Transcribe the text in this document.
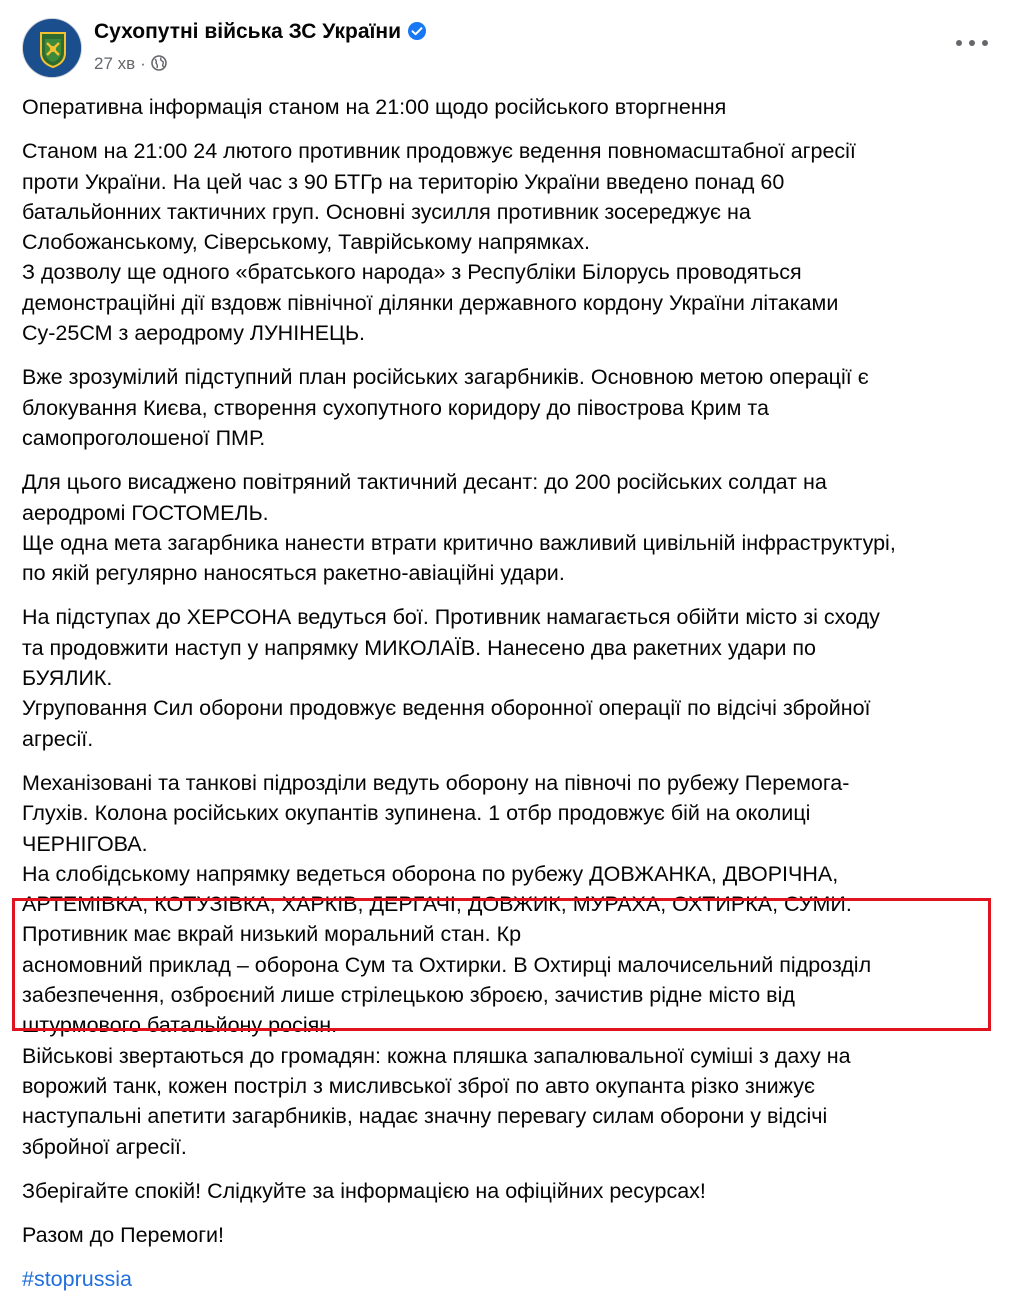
Сухопутні війська ЗС України
27 хв ·
Оперативна інформація станом на 21:00 щодо російського вторгнення
Станом на 21:00 24 лютого противник продовжує ведення повномасштабної агресії
проти України. На цей час з 90 БТГр на територію України введено понад 60
батальйонних тактичних груп. Основні зусилля противник зосереджує на
Слобожанському, Сіверському, Таврійському напрямках.
З дозволу ще одного «братського народа» з Республіки Білорусь проводяться
демонстраційні дії вздовж північної ділянки державного кордону України літаками
Су-25СМ з аеродрому ЛУНІНЕЦЬ.
Вже зрозумілий підступний план російських загарбників. Основною метою операції є
блокування Києва, створення сухопутного коридору до півострова Крим та
самопроголошеної ПМР.
Для цього висаджено повітряний тактичний десант: до 200 російських солдат на
аеродромі ГОСТОМЕЛЬ.
Ще одна мета загарбника нанести втрати критично важливий цивільній інфраструктурі,
по якій регулярно наносяться ракетно-авіаційні удари.
На підступах до ХЕРСОНА ведуться бої. Противник намагається обійти місто зі сходу
та продовжити наступ у напрямку МИКОЛАЇВ. Нанесено два ракетних удари по
БУЯЛИК.
Угруповання Сил оборони продовжує ведення оборонної операції по відсічі збройної
агресії.
Механізовані та танкові підрозділи ведуть оборону на півночі по рубежу Перемога-
Глухів. Колона російських окупантів зупинена. 1 отбр продовжує бій на околиці
ЧЕРНІГОВА.
На слобідському напрямку ведеться оборона по рубежу ДОВЖАНКА, ДВОРІЧНА,
АРТЕМІВКА, КОТУЗІВКА, ХАРКІВ, ДЕРГАЧІ, ДОВЖИК, МУРАХА, ОХТИРКА, СУМИ.
Противник має вкрай низький моральний стан. Кр
асномовний приклад – оборона Сум та Охтирки. В Охтирці малочисельний підрозділ
забезпечення, озброєний лише стрілецькою зброєю, зачистив рідне місто від
штурмового батальйону росіян.
Військові звертаються до громадян: кожна пляшка запалювальної суміші з даху на
ворожий танк, кожен постріл з мисливської зброї по авто окупанта різко знижує
наступальні апетити загарбників, надає значну перевагу силам оборони у відсічі
збройної агресії.
Зберігайте спокій! Слідкуйте за інформацією на офіційних ресурсах!
Разом до Перемоги!
#stoprussia
